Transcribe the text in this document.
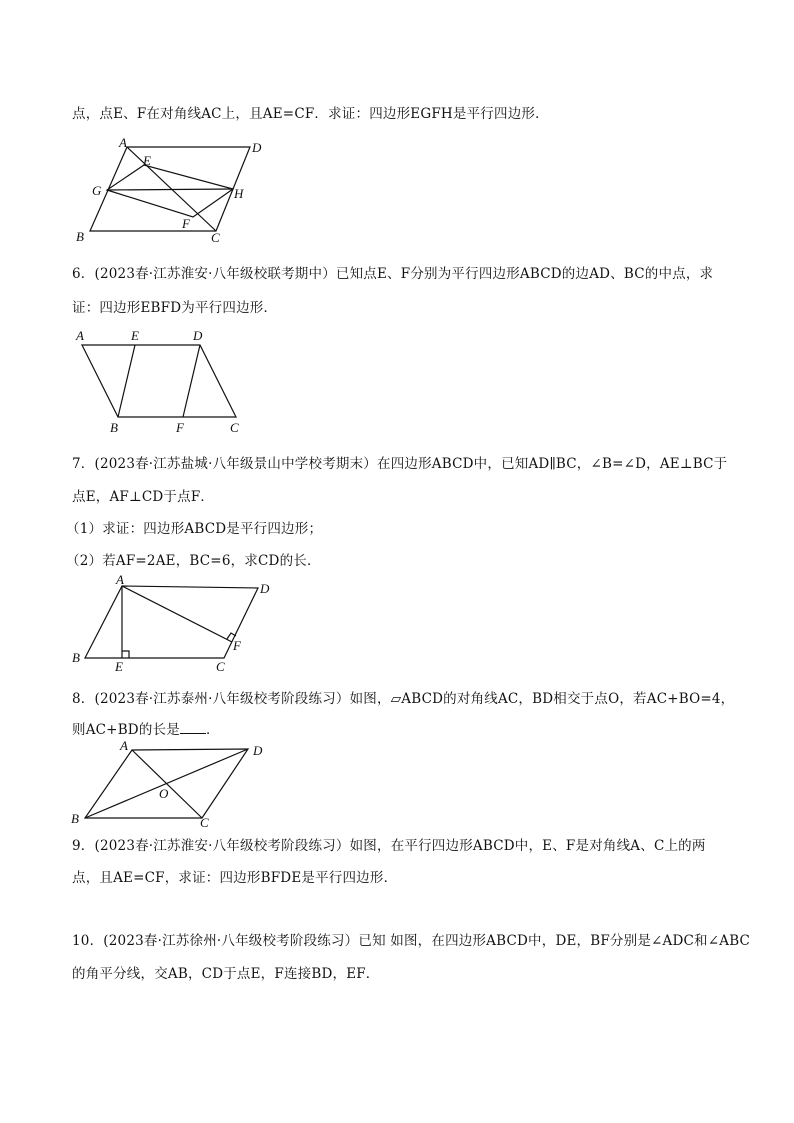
点，点E、F在对角线AC上，且AE=CF．求证：四边形EGFH是平行四边形．
A	D
E
G	H
F
B	C
6．(2023春·江苏淮安·八年级校联考期中）已知点E、F分别为平行四边形ABCD的边AD、BC的中点，求
证：四边形EBFD为平行四边形．
A	E	D
B	F	C
7．(2023春·江苏盐城·八年级景山中学校考期末）在四边形ABCD中，已知AD∥BC，∠B=∠D，AE⊥BC于
点E，AF⊥CD于点F．
（1）求证：四边形ABCD是平行四边形；
（2）若AF=2AE，BC=6，求CD的长．
A
D
F
B
E	C
8．(2023春·江苏泰州·八年级校考阶段练习）如图，▱ABCD的对角线AC，BD相交于点O，若AC+BO=4，
则AC+BD的长是 ．
A	D
O
B	C
9．(2023春·江苏淮安·八年级校考阶段练习）如图，在平行四边形ABCD中，E、F是对角线A、C上的两
点，且AE=CF，求证：四边形BFDE是平行四边形．
10．(2023春·江苏徐州·八年级校考阶段练习）已知 如图，在四边形ABCD中，DE，BF分别是∠ADC和∠ABC
的角平分线，交AB，CD于点E，F连接BD，EF．
